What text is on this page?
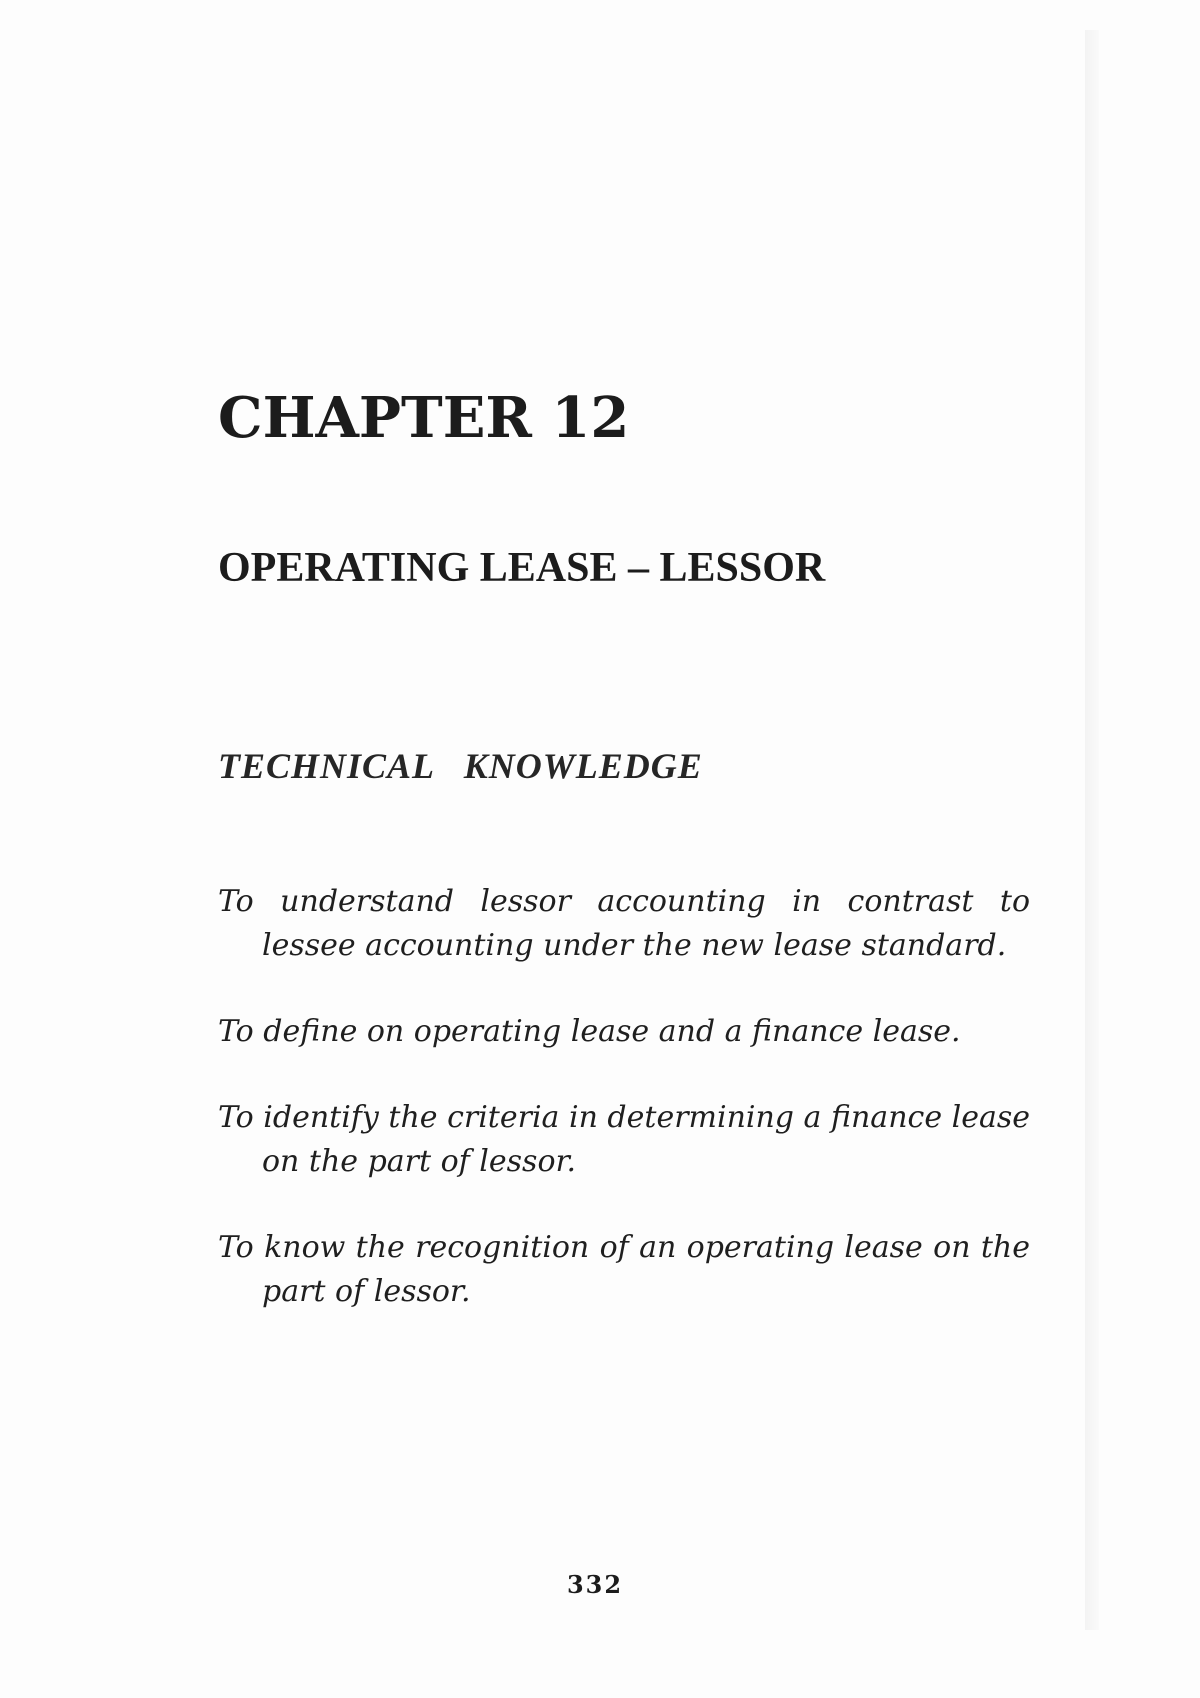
CHAPTER 12
OPERATING LEASE – LESSOR
TECHNICAL KNOWLEDGE
To understand lessor accounting in contrast to lessee accounting under the new lease standard.
To define on operating lease and a finance lease.
To identify the criteria in determining a finance lease on the part of lessor.
To know the recognition of an operating lease on the part of lessor.
332
